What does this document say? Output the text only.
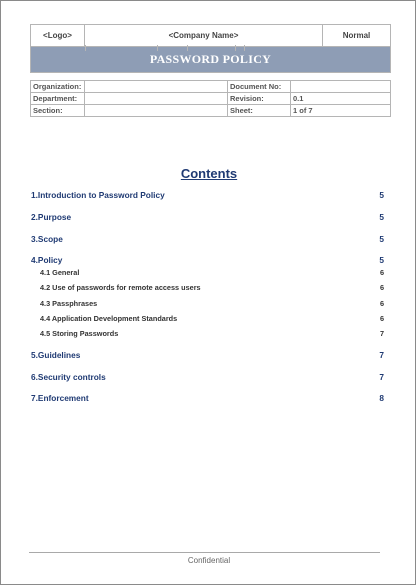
<Logo>	<Company Name>	Normal
PASSWORD POLICY
Organization:		Document No:	
Department:		Revision:	0.1
Section:		Sheet:	1 of 7
Contents
1.Introduction to Password Policy	5
2.Purpose	5
3.Scope	5
4.Policy	5
4.1 General	6
4.2 Use of passwords for remote access users	6
4.3 Passphrases	6
4.4 Application Development Standards	6
4.5 Storing Passwords	7
5.Guidelines	7
6.Security controls	7
7.Enforcement	8
Confidential
